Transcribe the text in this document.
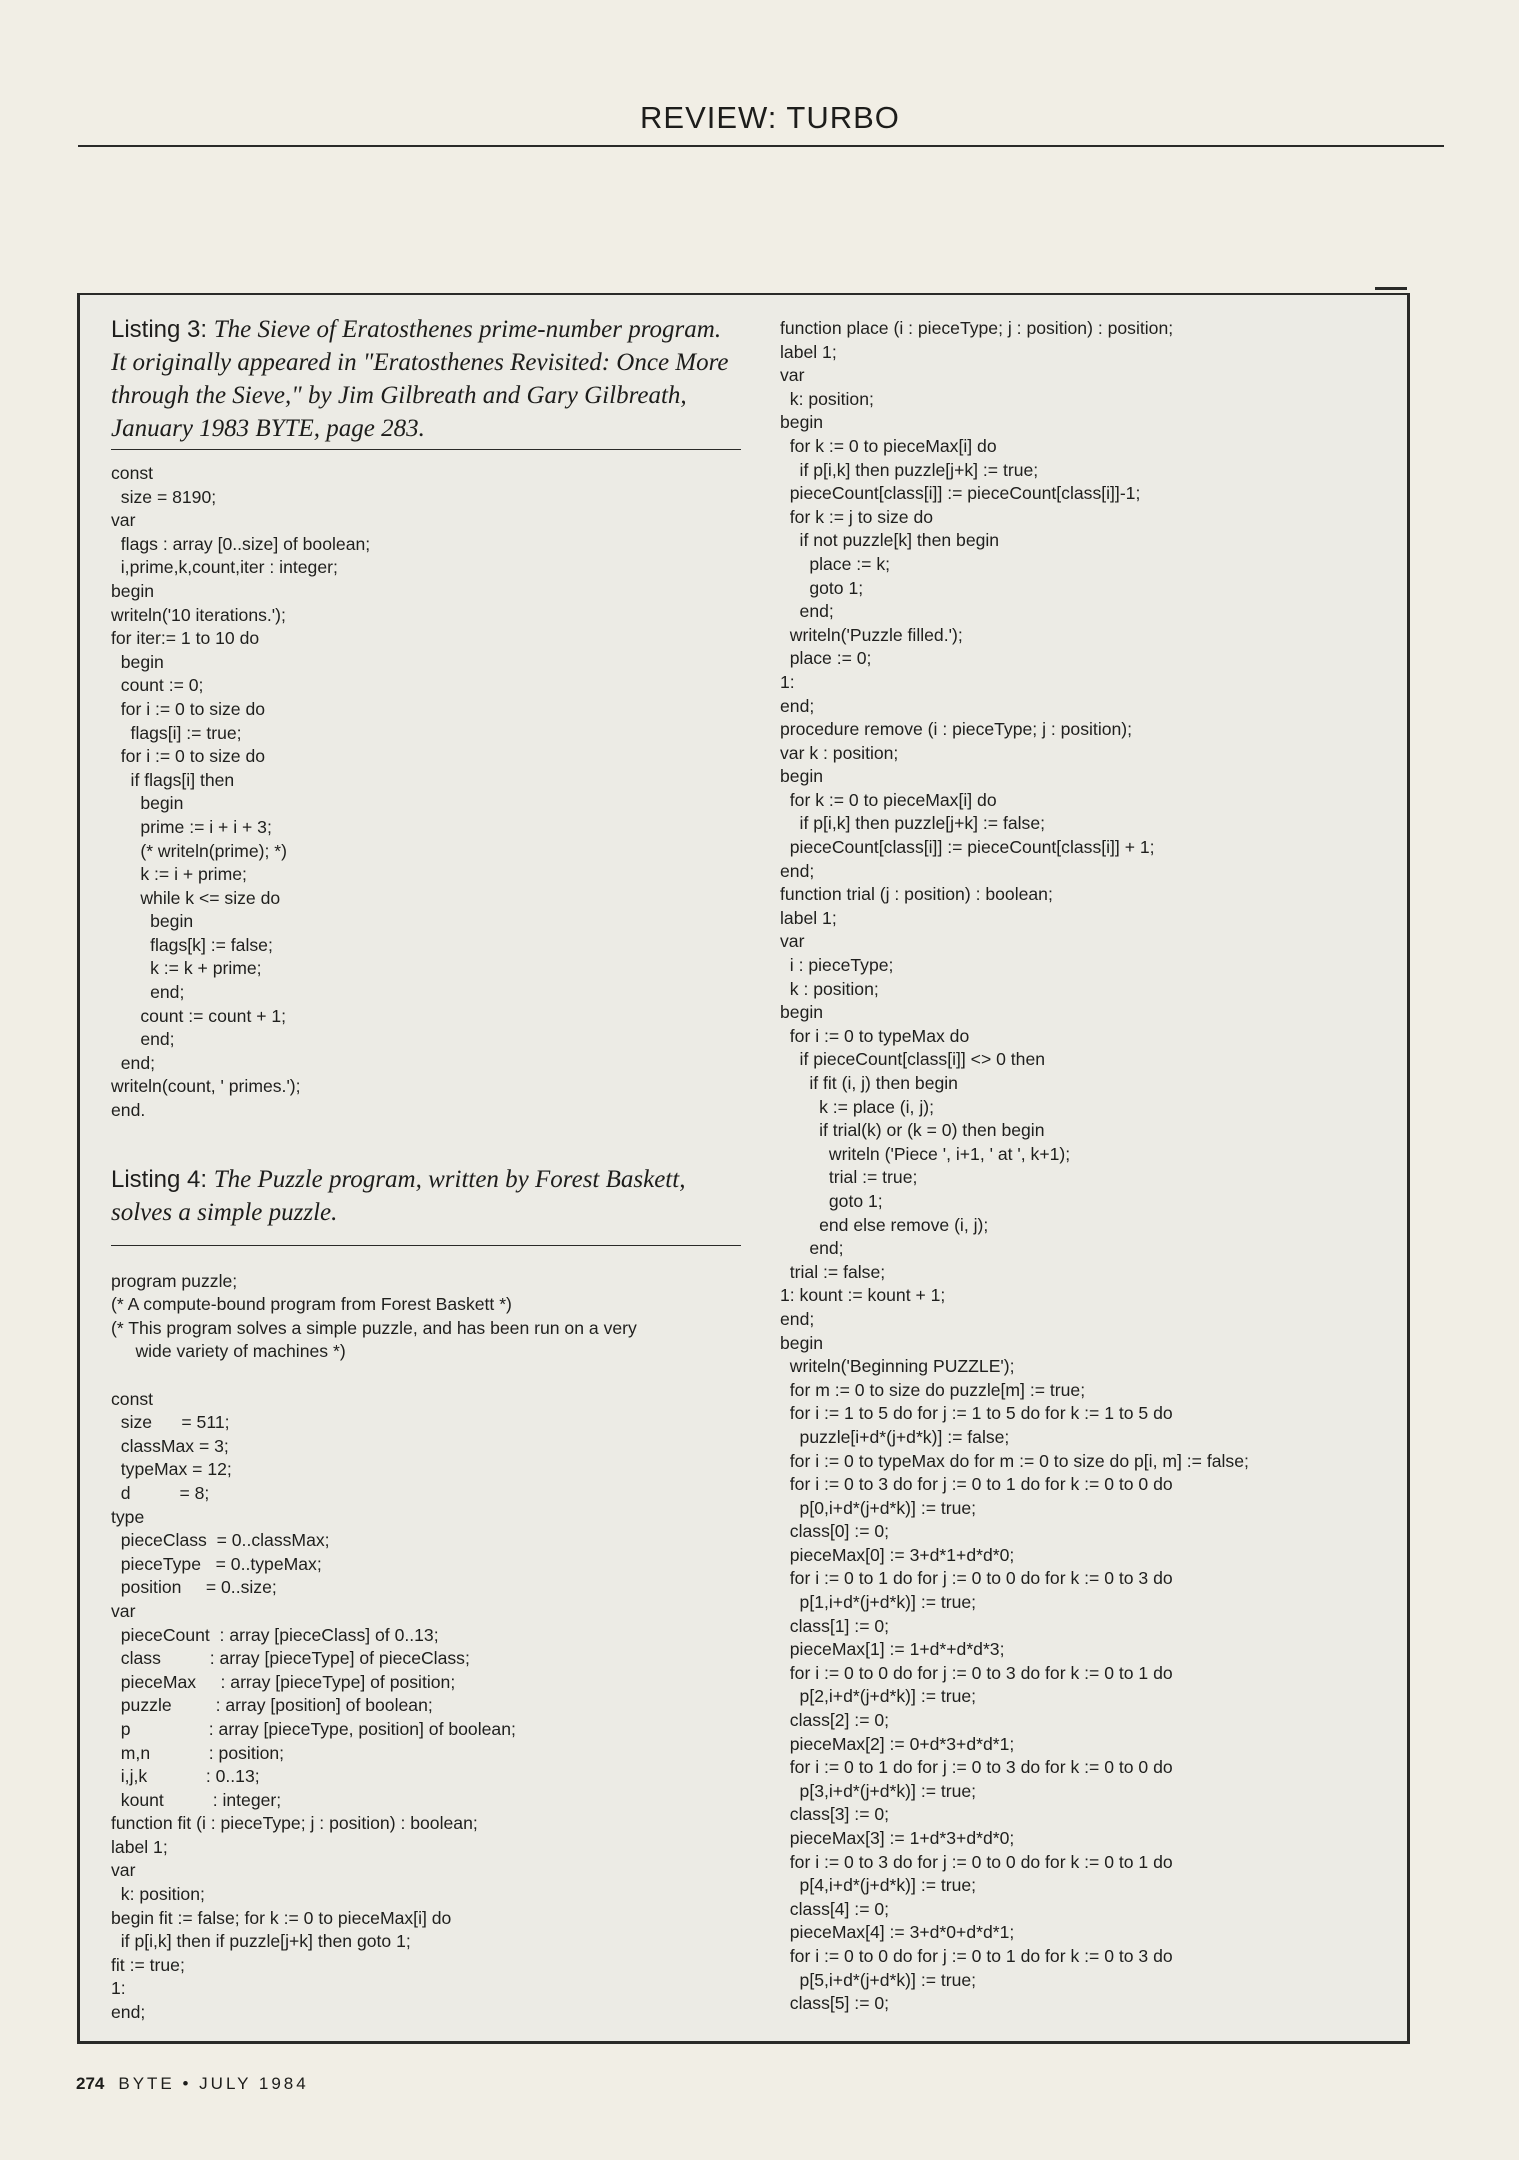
REVIEW: TURBO

Listing 3: The Sieve of Eratosthenes prime-number program. It originally appeared in "Eratosthenes Revisited: Once More through the Sieve," by Jim Gilbreath and Gary Gilbreath, January 1983 BYTE, page 283.

const
size = 8190;
var
flags : array [0..size] of boolean;
i,prime,k,count,iter : integer;
begin
writeln('10 iterations.');
for iter:= 1 to 10 do
begin
count := 0;
for i := 0 to size do
flags[i] := true;
for i := 0 to size do
if flags[i] then
begin
prime := i + i + 3;
(* writeln(prime); *)
k := i + prime;
while k <= size do
begin
flags[k] := false;
k := k + prime;
end;
count := count + 1;
end;
end;
writeln(count, ' primes.');
end.

Listing 4: The Puzzle program, written by Forest Baskett, solves a simple puzzle.

program puzzle;
(* A compute-bound program from Forest Baskett *)
(* This program solves a simple puzzle, and has been run on a very
wide variety of machines *)

const
size      = 511;
classMax = 3;
typeMax = 12;
d          = 8;
type
pieceClass  = 0..classMax;
pieceType   = 0..typeMax;
position     = 0..size;
var
pieceCount  : array [pieceClass] of 0..13;
class          : array [pieceType] of pieceClass;
pieceMax     : array [pieceType] of position;
puzzle         : array [position] of boolean;
p                : array [pieceType, position] of boolean;
m,n            : position;
i,j,k            : 0..13;
kount          : integer;
function fit (i : pieceType; j : position) : boolean;
label 1;
var
k: position;
begin fit := false; for k := 0 to pieceMax[i] do
if p[i,k] then if puzzle[j+k] then goto 1;
fit := true;
1:
end;
function place (i : pieceType; j : position) : position;
label 1;
var
k: position;
begin
for k := 0 to pieceMax[i] do
if p[i,k] then puzzle[j+k] := true;
pieceCount[class[i]] := pieceCount[class[i]]-1;
for k := j to size do
if not puzzle[k] then begin
place := k;
goto 1;
end;
writeln('Puzzle filled.');
place := 0;
1:
end;
procedure remove (i : pieceType; j : position);
var k : position;
begin
for k := 0 to pieceMax[i] do
if p[i,k] then puzzle[j+k] := false;
pieceCount[class[i]] := pieceCount[class[i]] + 1;
end;
function trial (j : position) : boolean;
label 1;
var
i : pieceType;
k : position;
begin
for i := 0 to typeMax do
if pieceCount[class[i]] <> 0 then
if fit (i, j) then begin
k := place (i, j);
if trial(k) or (k = 0) then begin
writeln ('Piece ', i+1, ' at ', k+1);
trial := true;
goto 1;
end else remove (i, j);
end;
trial := false;
1: kount := kount + 1;
end;
begin
writeln('Beginning PUZZLE');
for m := 0 to size do puzzle[m] := true;
for i := 1 to 5 do for j := 1 to 5 do for k := 1 to 5 do
puzzle[i+d*(j+d*k)] := false;
for i := 0 to typeMax do for m := 0 to size do p[i, m] := false;
for i := 0 to 3 do for j := 0 to 1 do for k := 0 to 0 do
p[0,i+d*(j+d*k)] := true;
class[0] := 0;
pieceMax[0] := 3+d*1+d*d*0;
for i := 0 to 1 do for j := 0 to 0 do for k := 0 to 3 do
p[1,i+d*(j+d*k)] := true;
class[1] := 0;
pieceMax[1] := 1+d*+d*d*3;
for i := 0 to 0 do for j := 0 to 3 do for k := 0 to 1 do
p[2,i+d*(j+d*k)] := true;
class[2] := 0;
pieceMax[2] := 0+d*3+d*d*1;
for i := 0 to 1 do for j := 0 to 3 do for k := 0 to 0 do
p[3,i+d*(j+d*k)] := true;
class[3] := 0;
pieceMax[3] := 1+d*3+d*d*0;
for i := 0 to 3 do for j := 0 to 0 do for k := 0 to 1 do
p[4,i+d*(j+d*k)] := true;
class[4] := 0;
pieceMax[4] := 3+d*0+d*d*1;
for i := 0 to 0 do for j := 0 to 1 do for k := 0 to 3 do
p[5,i+d*(j+d*k)] := true;
class[5] := 0;
274 BYTE • JULY 1984
